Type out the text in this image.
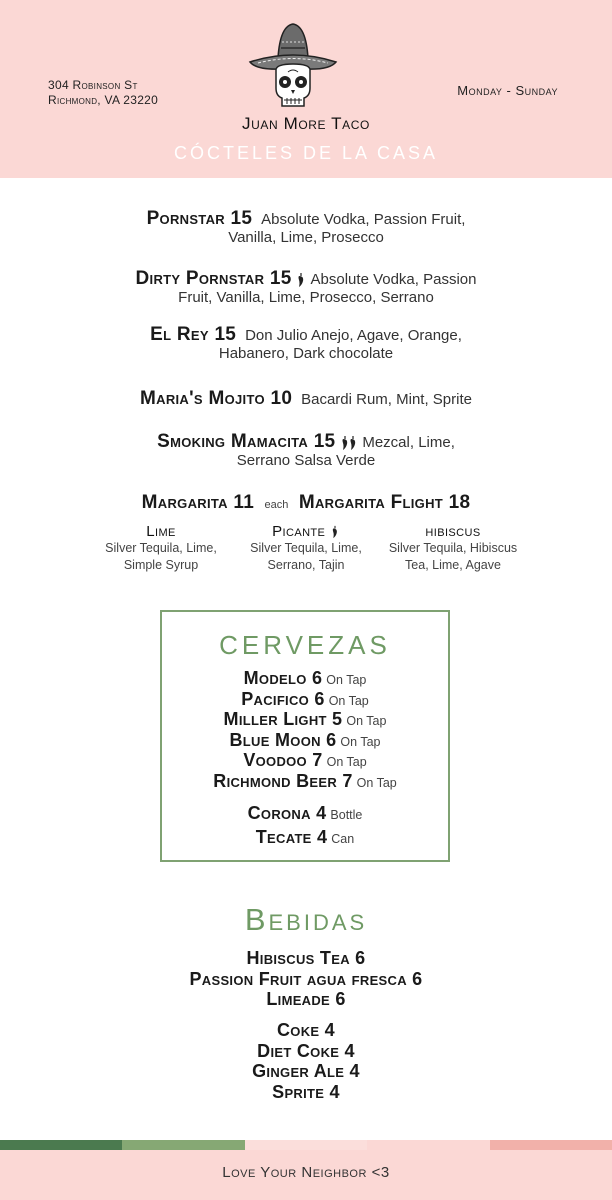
304 Robinson St
Richmond, VA 23220
Monday - Sunday
Juan More Taco
CÓCTELES DE LA CASA
Pornstar 15 Absolute Vodka, Passion Fruit,
Vanilla, Lime, Prosecco
Dirty Pornstar 15 Absolute Vodka, Passion
Fruit, Vanilla, Lime, Prosecco, Serrano
El Rey 15 Don Julio Anejo, Agave, Orange,
Habanero, Dark chocolate
Maria's Mojito 10 Bacardi Rum, Mint, Sprite
Smoking Mamacita 15 Mezcal, Lime,
Serrano Salsa Verde
Margarita 11 each Margarita Flight 18
Lime
Silver Tequila, Lime,
Simple Syrup
Picante
Silver Tequila, Lime,
Serrano, Tajin
hibiscus
Silver Tequila, Hibiscus
Tea, Lime, Agave
CERVEZAS
Modelo 6 On Tap
Pacifico 6 On Tap
Miller Light 5 On Tap
Blue Moon 6 On Tap
Voodoo 7 On Tap
Richmond Beer 7 On Tap
Corona 4 Bottle
Tecate 4 Can
Bebidas
Hibiscus Tea 6
Passion Fruit agua fresca 6
Limeade 6
Coke 4
Diet Coke 4
Ginger Ale 4
Sprite 4
Love Your Neighbor <3
